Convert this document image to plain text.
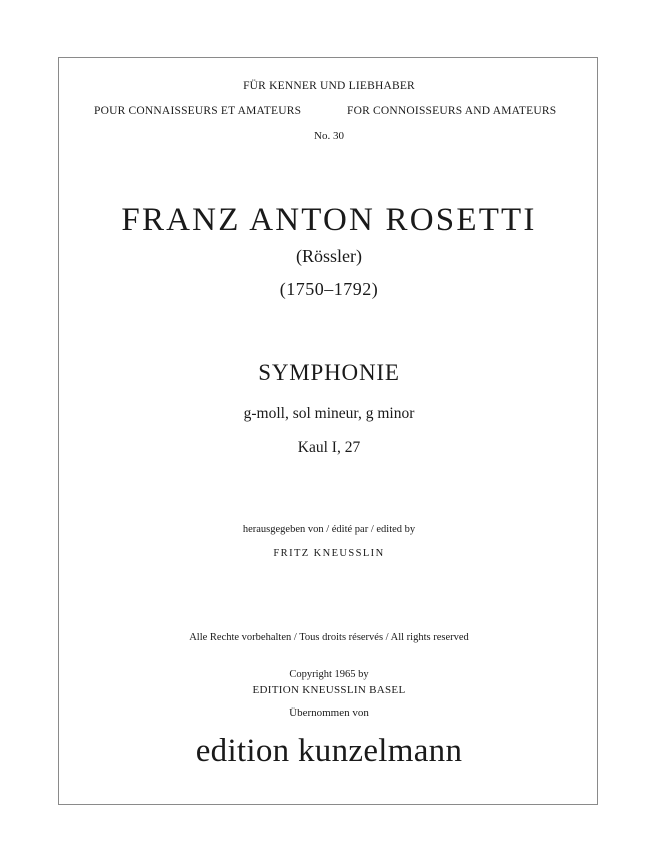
FÜR KENNER UND LIEBHABER
POUR CONNAISSEURS ET AMATEURS	FOR CONNOISSEURS AND AMATEURS
No. 30
FRANZ ANTON ROSETTI
(Rössler)
(1750–1792)
SYMPHONIE
g-moll, sol mineur, g minor
Kaul I, 27
herausgegeben von / édité par / edited by
FRITZ KNEUSSLIN
Alle Rechte vorbehalten / Tous droits réservés / All rights reserved
Copyright 1965 by
EDITION KNEUSSLIN BASEL
Übernommen von
edition kunzelmann
